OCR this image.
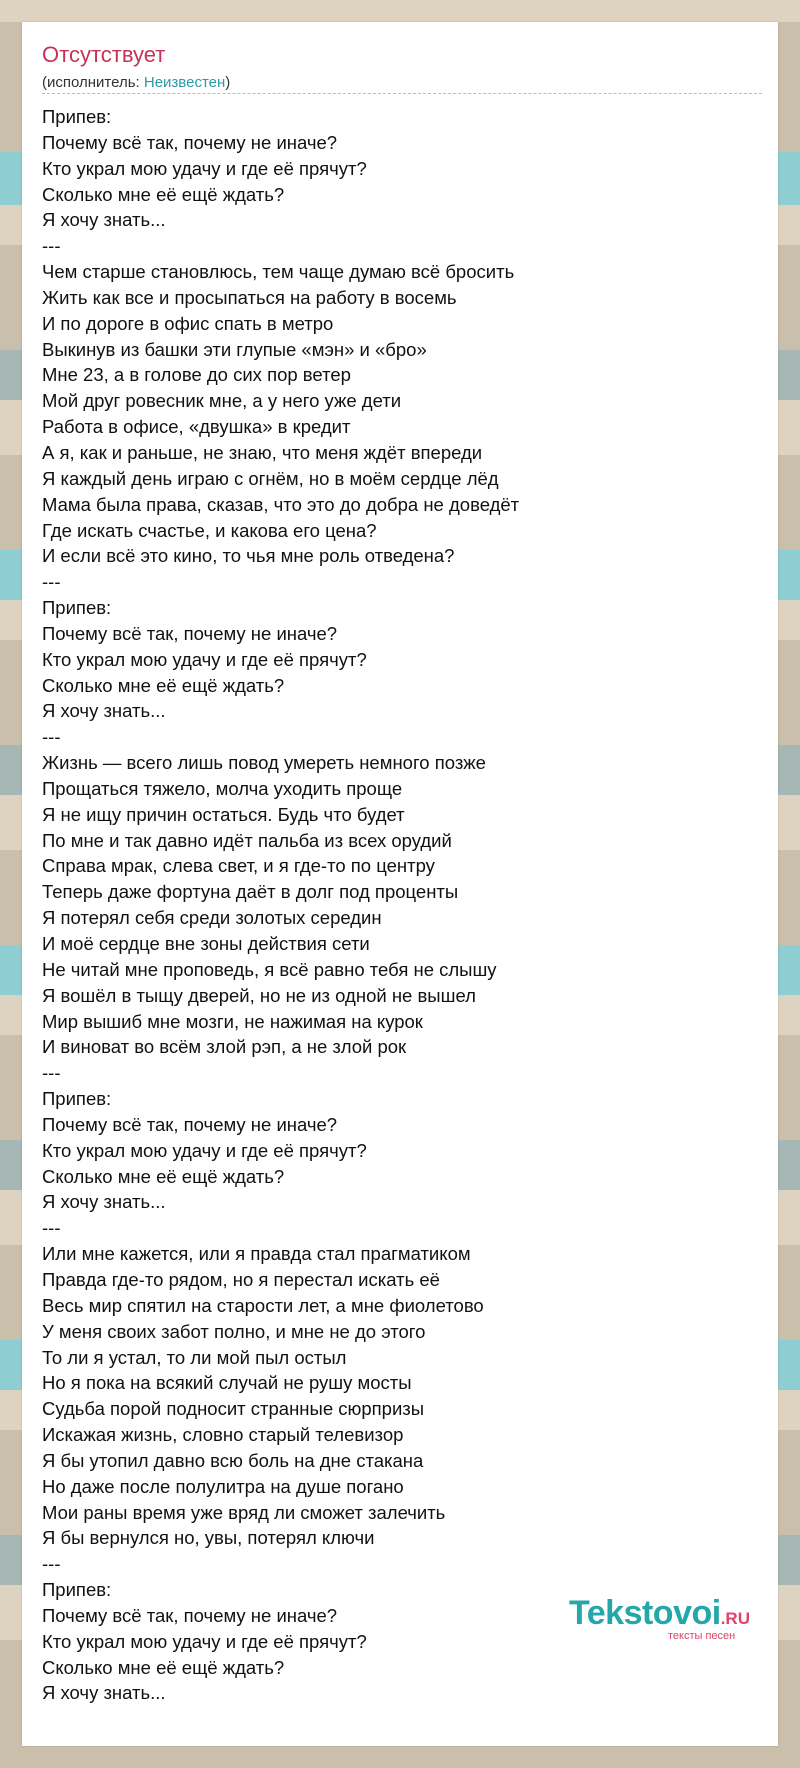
Отсутствует
(исполнитель: Неизвестен)
Припев:
Почему всё так, почему не иначе?
Кто украл мою удачу и где её прячут?
Сколько мне её ещё ждать?
Я хочу знать...
---
Чем старше становлюсь, тем чаще думаю всё бросить
Жить как все и просыпаться на работу в восемь
И по дороге в офис спать в метро
Выкинув из башки эти глупые «мэн» и «бро»
Мне 23, а в голове до сих пор ветер
Мой друг ровесник мне, а у него уже дети
Работа в офисе, «двушка» в кредит
А я, как и раньше, не знаю, что меня ждёт впереди
Я каждый день играю с огнём, но в моём сердце лёд
Мама была права, сказав, что это до добра не доведёт
Где искать счастье, и какова его цена?
И если всё это кино, то чья мне роль отведена?
---
Припев:
Почему всё так, почему не иначе?
Кто украл мою удачу и где её прячут?
Сколько мне её ещё ждать?
Я хочу знать...
---
Жизнь — всего лишь повод умереть немного позже
Прощаться тяжело, молча уходить проще
Я не ищу причин остаться. Будь что будет
По мне и так давно идёт пальба из всех орудий
Справа мрак, слева свет, и я где-то по центру
Теперь даже фортуна даёт в долг под проценты
Я потерял себя среди золотых середин
И моё сердце вне зоны действия сети
Не читай мне проповедь, я всё равно тебя не слышу
Я вошёл в тыщу дверей, но не из одной не вышел
Мир вышиб мне мозги, не нажимая на курок
И виноват во всём злой рэп, а не злой рок
---
Припев:
Почему всё так, почему не иначе?
Кто украл мою удачу и где её прячут?
Сколько мне её ещё ждать?
Я хочу знать...
---
Или мне кажется, или я правда стал прагматиком
Правда где-то рядом, но я перестал искать её
Весь мир спятил на старости лет, а мне фиолетово
У меня своих забот полно, и мне не до этого
То ли я устал, то ли мой пыл остыл
Но я пока на всякий случай не рушу мосты
Судьба порой подносит странные сюрпризы
Искажая жизнь, словно старый телевизор
Я бы утопил давно всю боль на дне стакана
Но даже после полулитра на душе погано
Мои раны время уже вряд ли сможет залечить
Я бы вернулся но, увы, потерял ключи
---
Припев:
Почему всё так, почему не иначе?
Кто украл мою удачу и где её прячут?
Сколько мне её ещё ждать?
Я хочу знать...
Tekstovoi.RU
тексты песен
